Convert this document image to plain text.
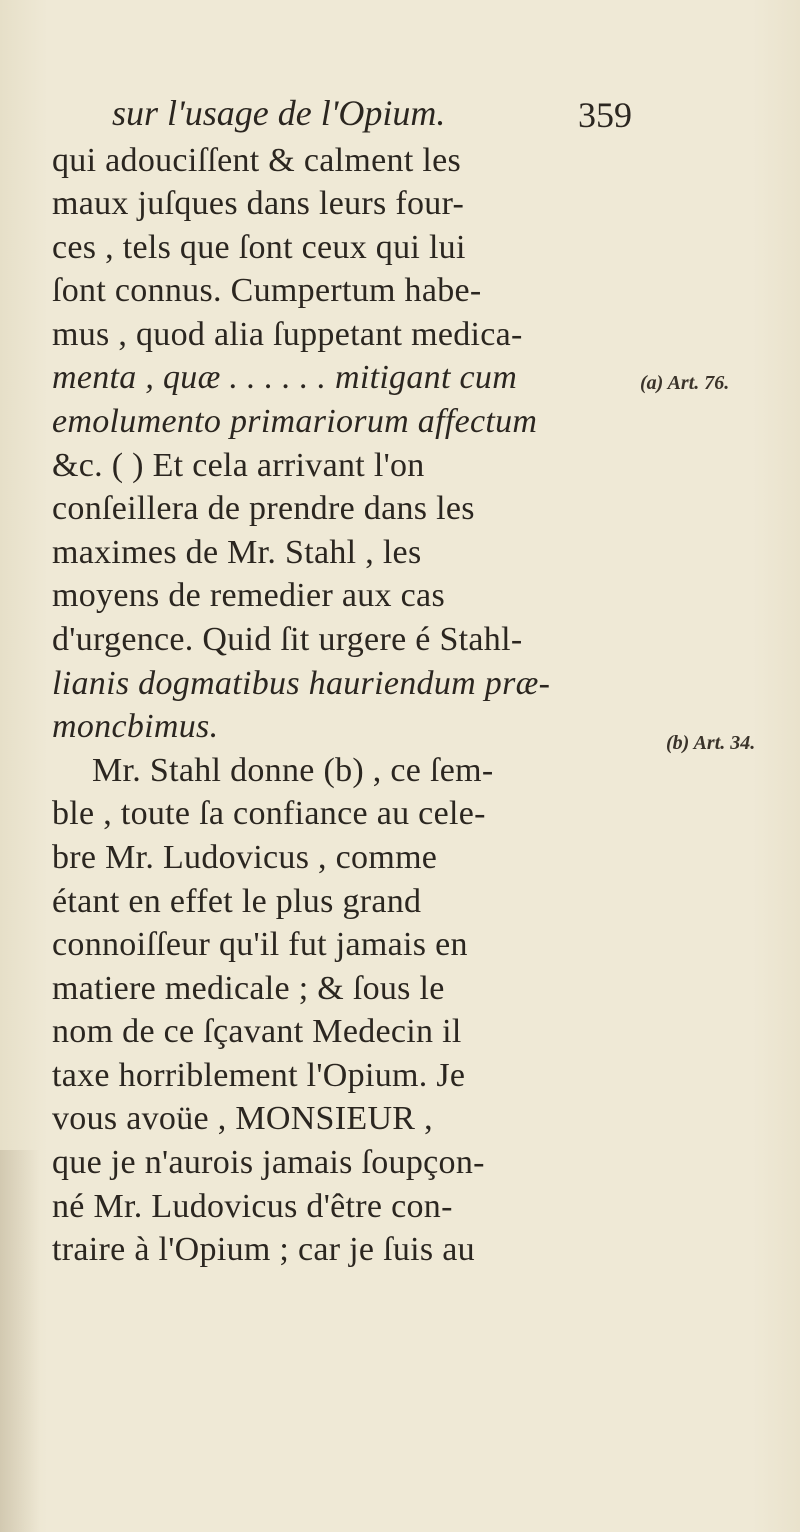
sur l'usage de l'Opium.	359
qui adouciſſent & calment les
maux juſques dans leurs four-
ces , tels que ſont ceux qui lui
ſont connus. Cumpertum habe-
mus , quod alia ſuppetant medica-
menta , quæ . . . . . . mitigant cum
emolumento primariorum affectum
&c. ( ) Et cela arrivant l'on
conſeillera de prendre dans les
maximes de Mr. Stahl , les
moyens de remedier aux cas
d'urgence. Quid ſit urgere é Stahl-
lianis dogmatibus hauriendum præ-
moncbimus.
Mr. Stahl donne (b) , ce ſem-
ble , toute ſa confiance au cele-
bre Mr. Ludovicus , comme
étant en effet le plus grand
connoiſſeur qu'il fut jamais en
matiere medicale ; & ſous le
nom de ce ſçavant Medecin il
taxe horriblement l'Opium. Je
vous avoüe , MONSIEUR ,
que je n'aurois jamais ſoupçon-
né Mr. Ludovicus d'être con-
traire à l'Opium ; car je ſuis au
(a) Art. 76.
(b) Art. 34.
